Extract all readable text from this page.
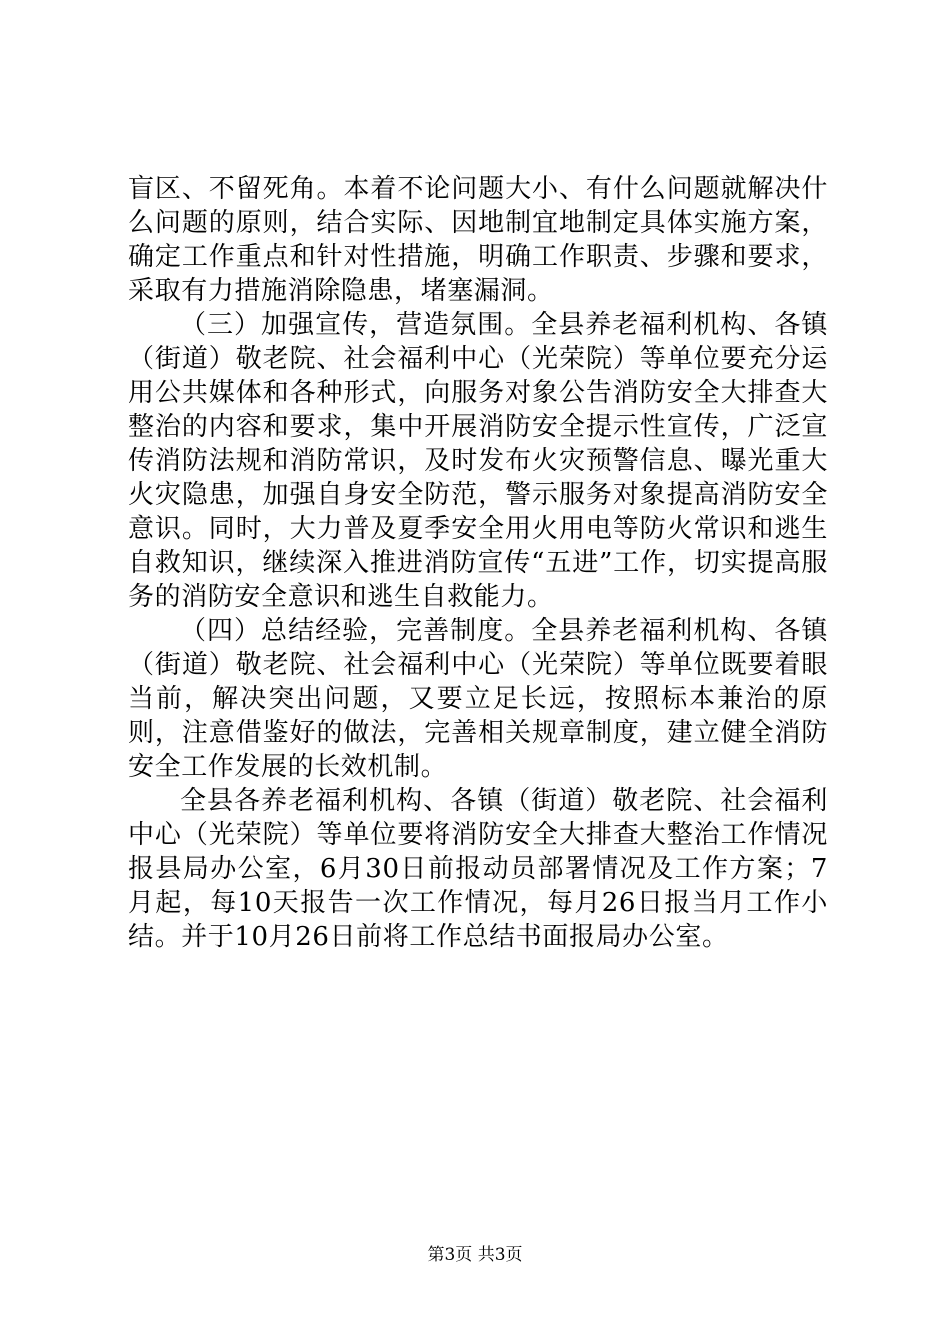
盲区、不留死角。本着不论问题大小、有什么问题就解决什么问题的原则，结合实际、因地制宜地制定具体实施方案，确定工作重点和针对性措施，明确工作职责、步骤和要求，采取有力措施消除隐患，堵塞漏洞。

（三）加强宣传，营造氛围。全县养老福利机构、各镇（街道）敬老院、社会福利中心（光荣院）等单位要充分运用公共媒体和各种形式，向服务对象公告消防安全大排查大整治的内容和要求，集中开展消防安全提示性宣传，广泛宣传消防法规和消防常识，及时发布火灾预警信息、曝光重大火灾隐患，加强自身安全防范，警示服务对象提高消防安全意识。同时，大力普及夏季安全用火用电等防火常识和逃生自救知识，继续深入推进消防宣传“五进”工作，切实提高服务的消防安全意识和逃生自救能力。

（四）总结经验，完善制度。全县养老福利机构、各镇（街道）敬老院、社会福利中心（光荣院）等单位既要着眼当前，解决突出问题，又要立足长远，按照标本兼治的原则，注意借鉴好的做法，完善相关规章制度，建立健全消防安全工作发展的长效机制。

全县各养老福利机构、各镇（街道）敬老院、社会福利中心（光荣院）等单位要将消防安全大排查大整治工作情况报县局办公室，6月30日前报动员部署情况及工作方案；7月起，每10天报告一次工作情况，每月26日报当月工作小结。并于10月26日前将工作总结书面报局办公室。

第3页 共3页
